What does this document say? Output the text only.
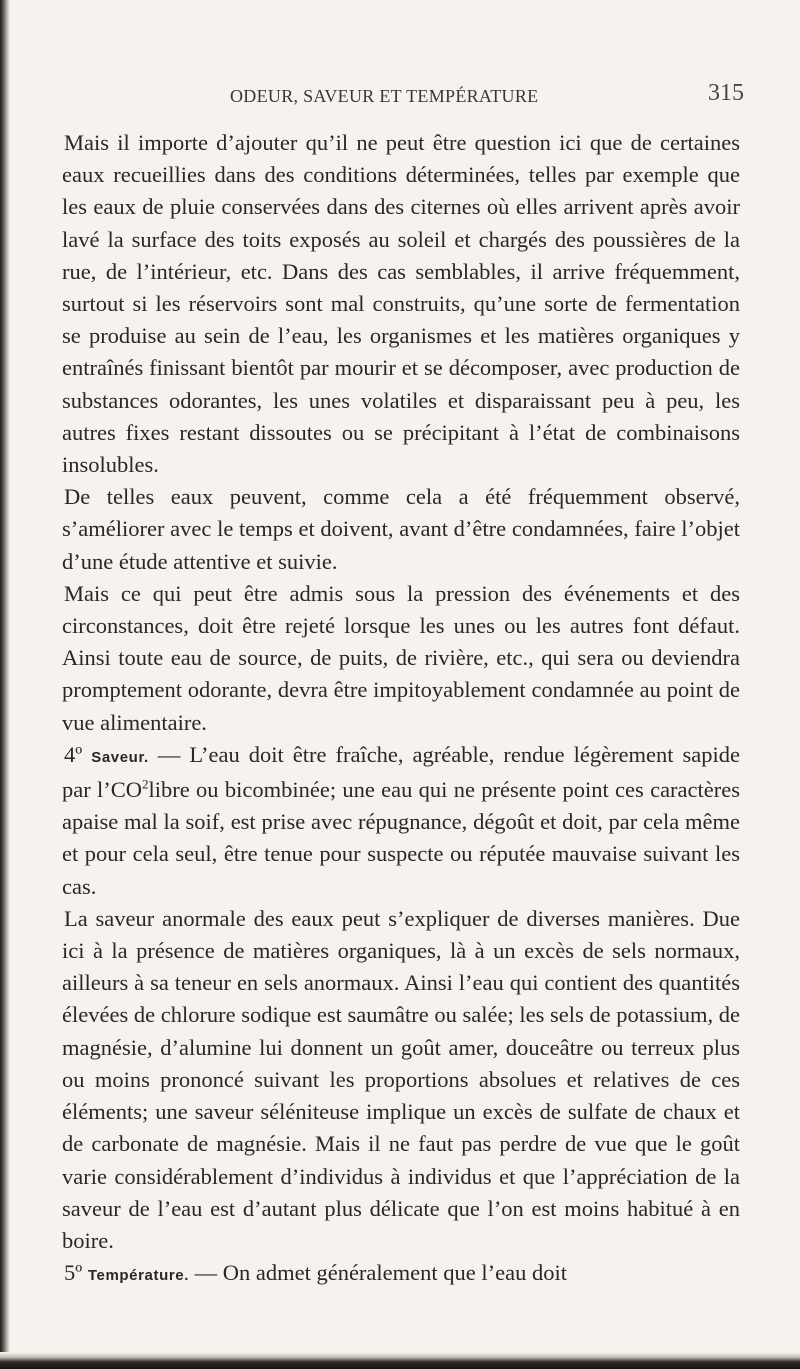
ODEUR, SAVEUR ET TEMPÉRATURE	315

Mais il importe d’ajouter qu’il ne peut être question ici que de certaines eaux recueillies dans des conditions déterminées, telles par exemple que les eaux de pluie conservées dans des citernes où elles arrivent après avoir lavé la surface des toits exposés au soleil et chargés des poussières de la rue, de l’intérieur, etc. Dans des cas semblables, il arrive fréquemment, surtout si les réservoirs sont mal construits, qu’une sorte de fermentation se produise au sein de l’eau, les organismes et les matières organiques y entraînés finissant bientôt par mourir et se décomposer, avec production de substances odorantes, les unes volatiles et disparaissant peu à peu, les autres fixes restant dissoutes ou se précipitant à l’état de combinaisons insolubles.

De telles eaux peuvent, comme cela a été fréquemment observé, s’améliorer avec le temps et doivent, avant d’être condamnées, faire l’objet d’une étude attentive et suivie.

Mais ce qui peut être admis sous la pression des événements et des circonstances, doit être rejeté lorsque les unes ou les autres font défaut. Ainsi toute eau de source, de puits, de rivière, etc., qui sera ou deviendra promptement odorante, devra être impitoyablement condamnée au point de vue alimentaire.

4º Saveur. — L’eau doit être fraîche, agréable, rendue légèrement sapide par $l’CO^2libre$ ou bicombinée; une eau qui ne présente point ces caractères apaise mal la soif, est prise avec répugnance, dégoût et doit, par cela même et pour cela seul, être tenue pour suspecte ou réputée mauvaise suivant les cas.

La saveur anormale des eaux peut s’expliquer de diverses manières. Due ici à la présence de matières organiques, là à un excès de sels normaux, ailleurs à sa teneur en sels anormaux. Ainsi l’eau qui contient des quantités élevées de chlorure sodique est saumâtre ou salée; les sels de potassium, de magnésie, d’alumine lui donnent un goût amer, douceâtre ou terreux plus ou moins prononcé suivant les proportions absolues et relatives de ces éléments; une saveur séléniteuse implique un excès de sulfate de chaux et de carbonate de magnésie. Mais il ne faut pas perdre de vue que le goût varie considérablement d’individus à individus et que l’appréciation de la saveur de l’eau est d’autant plus délicate que l’on est moins habitué à en boire.

5º Température. — On admet généralement que l’eau doit
